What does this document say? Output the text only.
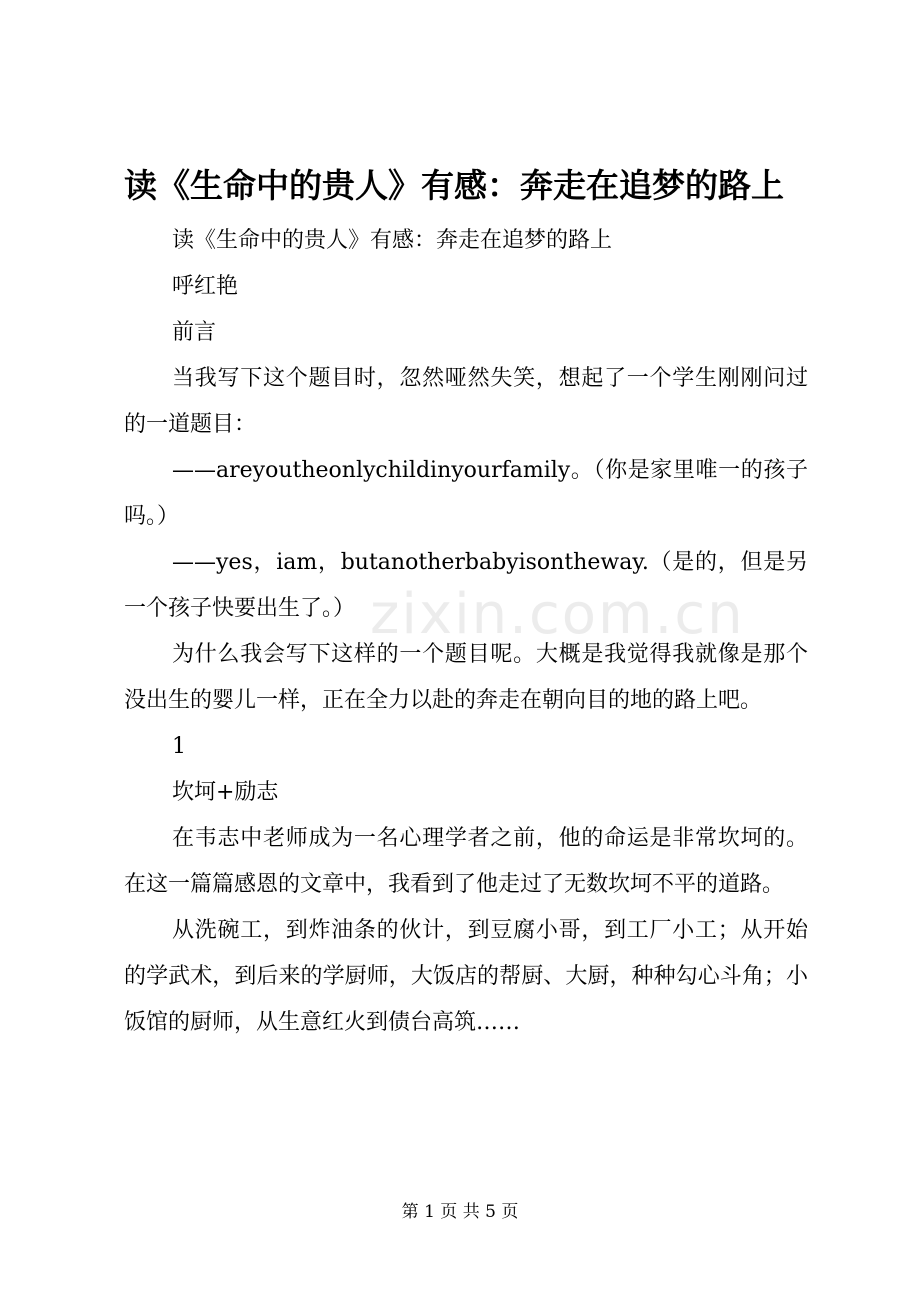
zixin.com.cn
读《生命中的贵人》有感：奔走在追梦的路上

读《生命中的贵人》有感：奔走在追梦的路上

呼红艳

前言

当我写下这个题目时，忽然哑然失笑，想起了一个学生刚刚问过的一道题目：

——areyoutheonlychildinyourfamily。（你是家里唯一的孩子吗。）

——yes，iam，butanotherbabyisontheway.（是的，但是另一个孩子快要出生了。）

为什么我会写下这样的一个题目呢。大概是我觉得我就像是那个没出生的婴儿一样，正在全力以赴的奔走在朝向目的地的路上吧。

1

坎坷+励志

在韦志中老师成为一名心理学者之前，他的命运是非常坎坷的。在这一篇篇感恩的文章中，我看到了他走过了无数坎坷不平的道路。

从洗碗工，到炸油条的伙计，到豆腐小哥，到工厂小工；从开始的学武术，到后来的学厨师，大饭店的帮厨、大厨，种种勾心斗角；小饭馆的厨师，从生意红火到债台高筑……

第 1 页 共 5 页
